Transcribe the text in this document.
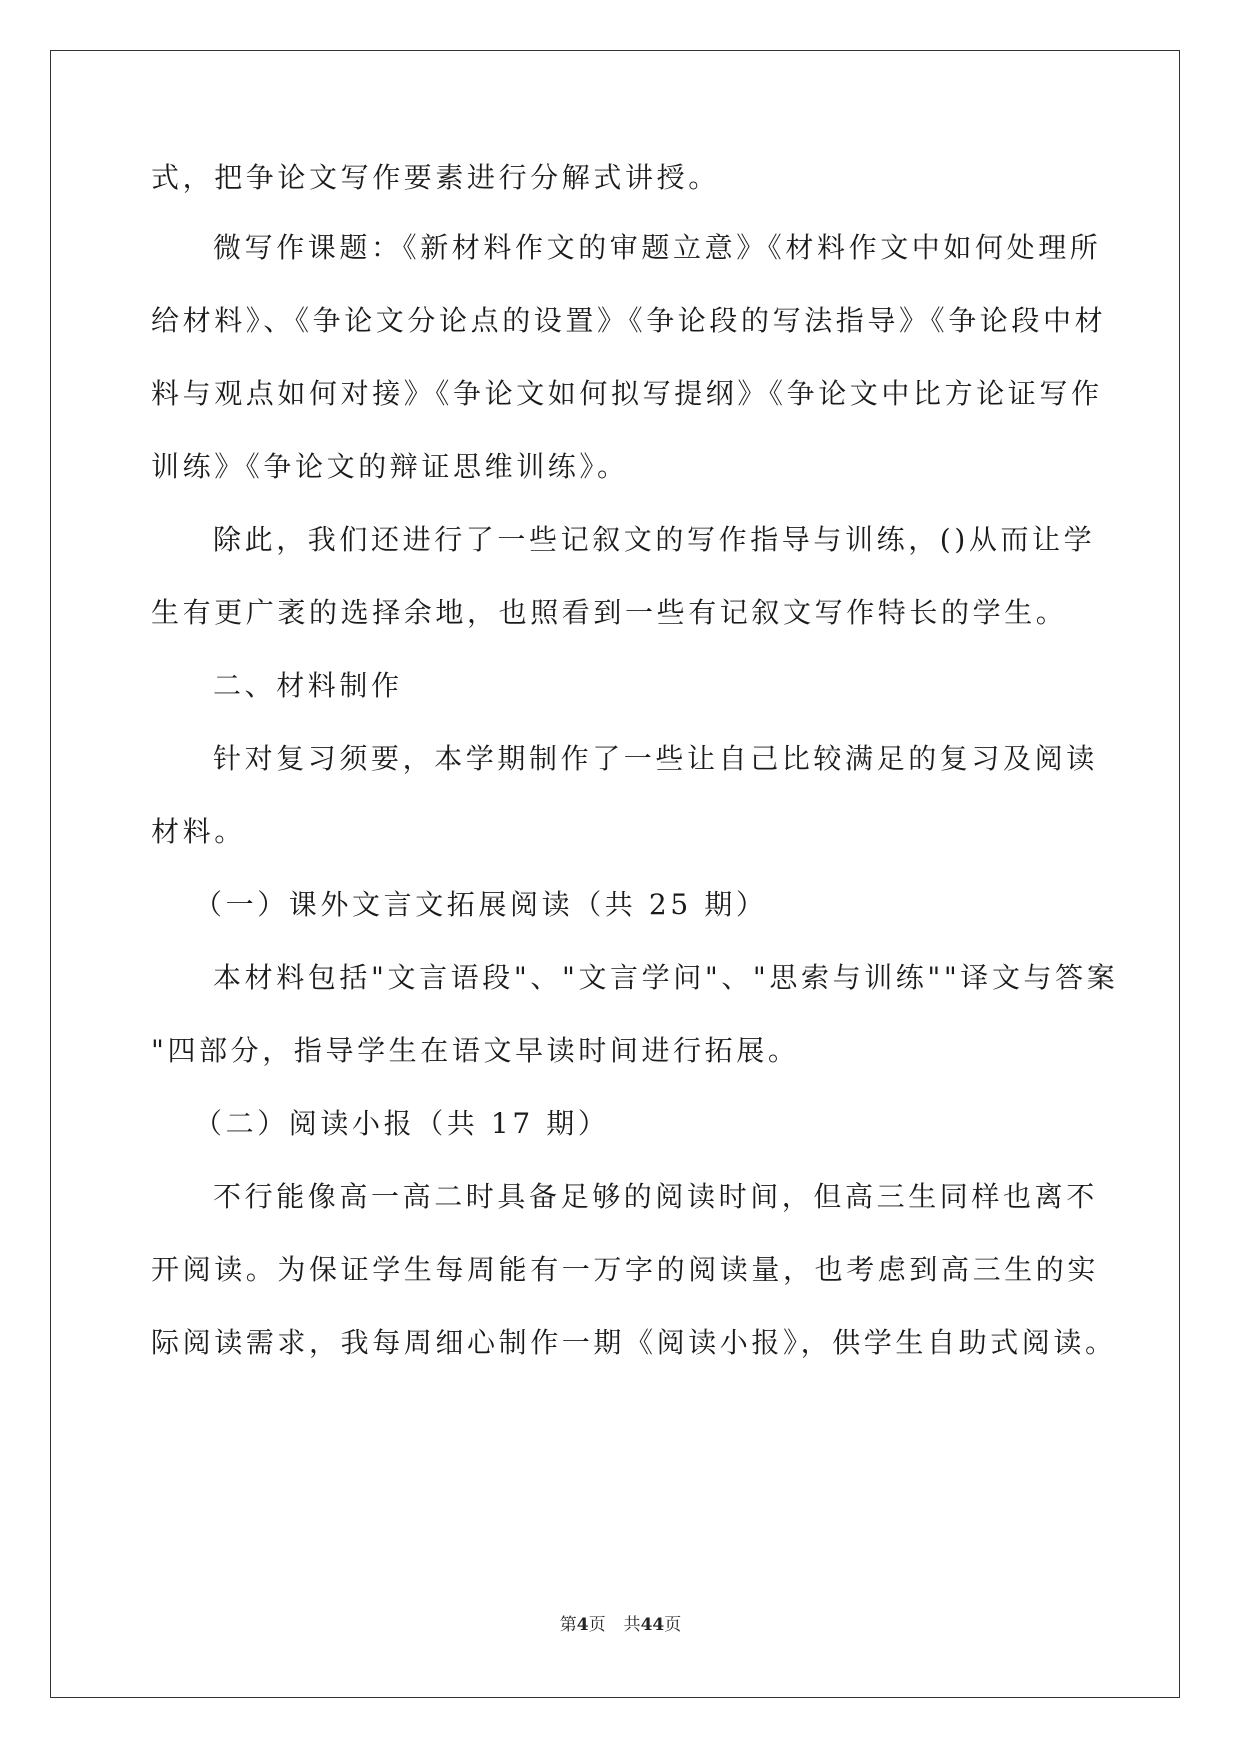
式，把争论文写作要素进行分解式讲授。
微写作课题：《新材料作文的审题立意》《材料作文中如何处理所
给材料》、《争论文分论点的设置》《争论段的写法指导》《争论段中材
料与观点如何对接》《争论文如何拟写提纲》《争论文中比方论证写作
训练》《争论文的辩证思维训练》。
除此，我们还进行了一些记叙文的写作指导与训练，()从而让学
生有更广袤的选择余地，也照看到一些有记叙文写作特长的学生。
二、材料制作
针对复习须要，本学期制作了一些让自己比较满足的复习及阅读
材料。
（一）课外文言文拓展阅读（共 25 期）
本材料包括"文言语段"、"文言学问"、"思索与训练""译文与答案
"四部分，指导学生在语文早读时间进行拓展。
（二）阅读小报（共 17 期）
不行能像高一高二时具备足够的阅读时间，但高三生同样也离不
开阅读。为保证学生每周能有一万字的阅读量，也考虑到高三生的实
际阅读需求，我每周细心制作一期《阅读小报》，供学生自助式阅读。
第4页 共44页
